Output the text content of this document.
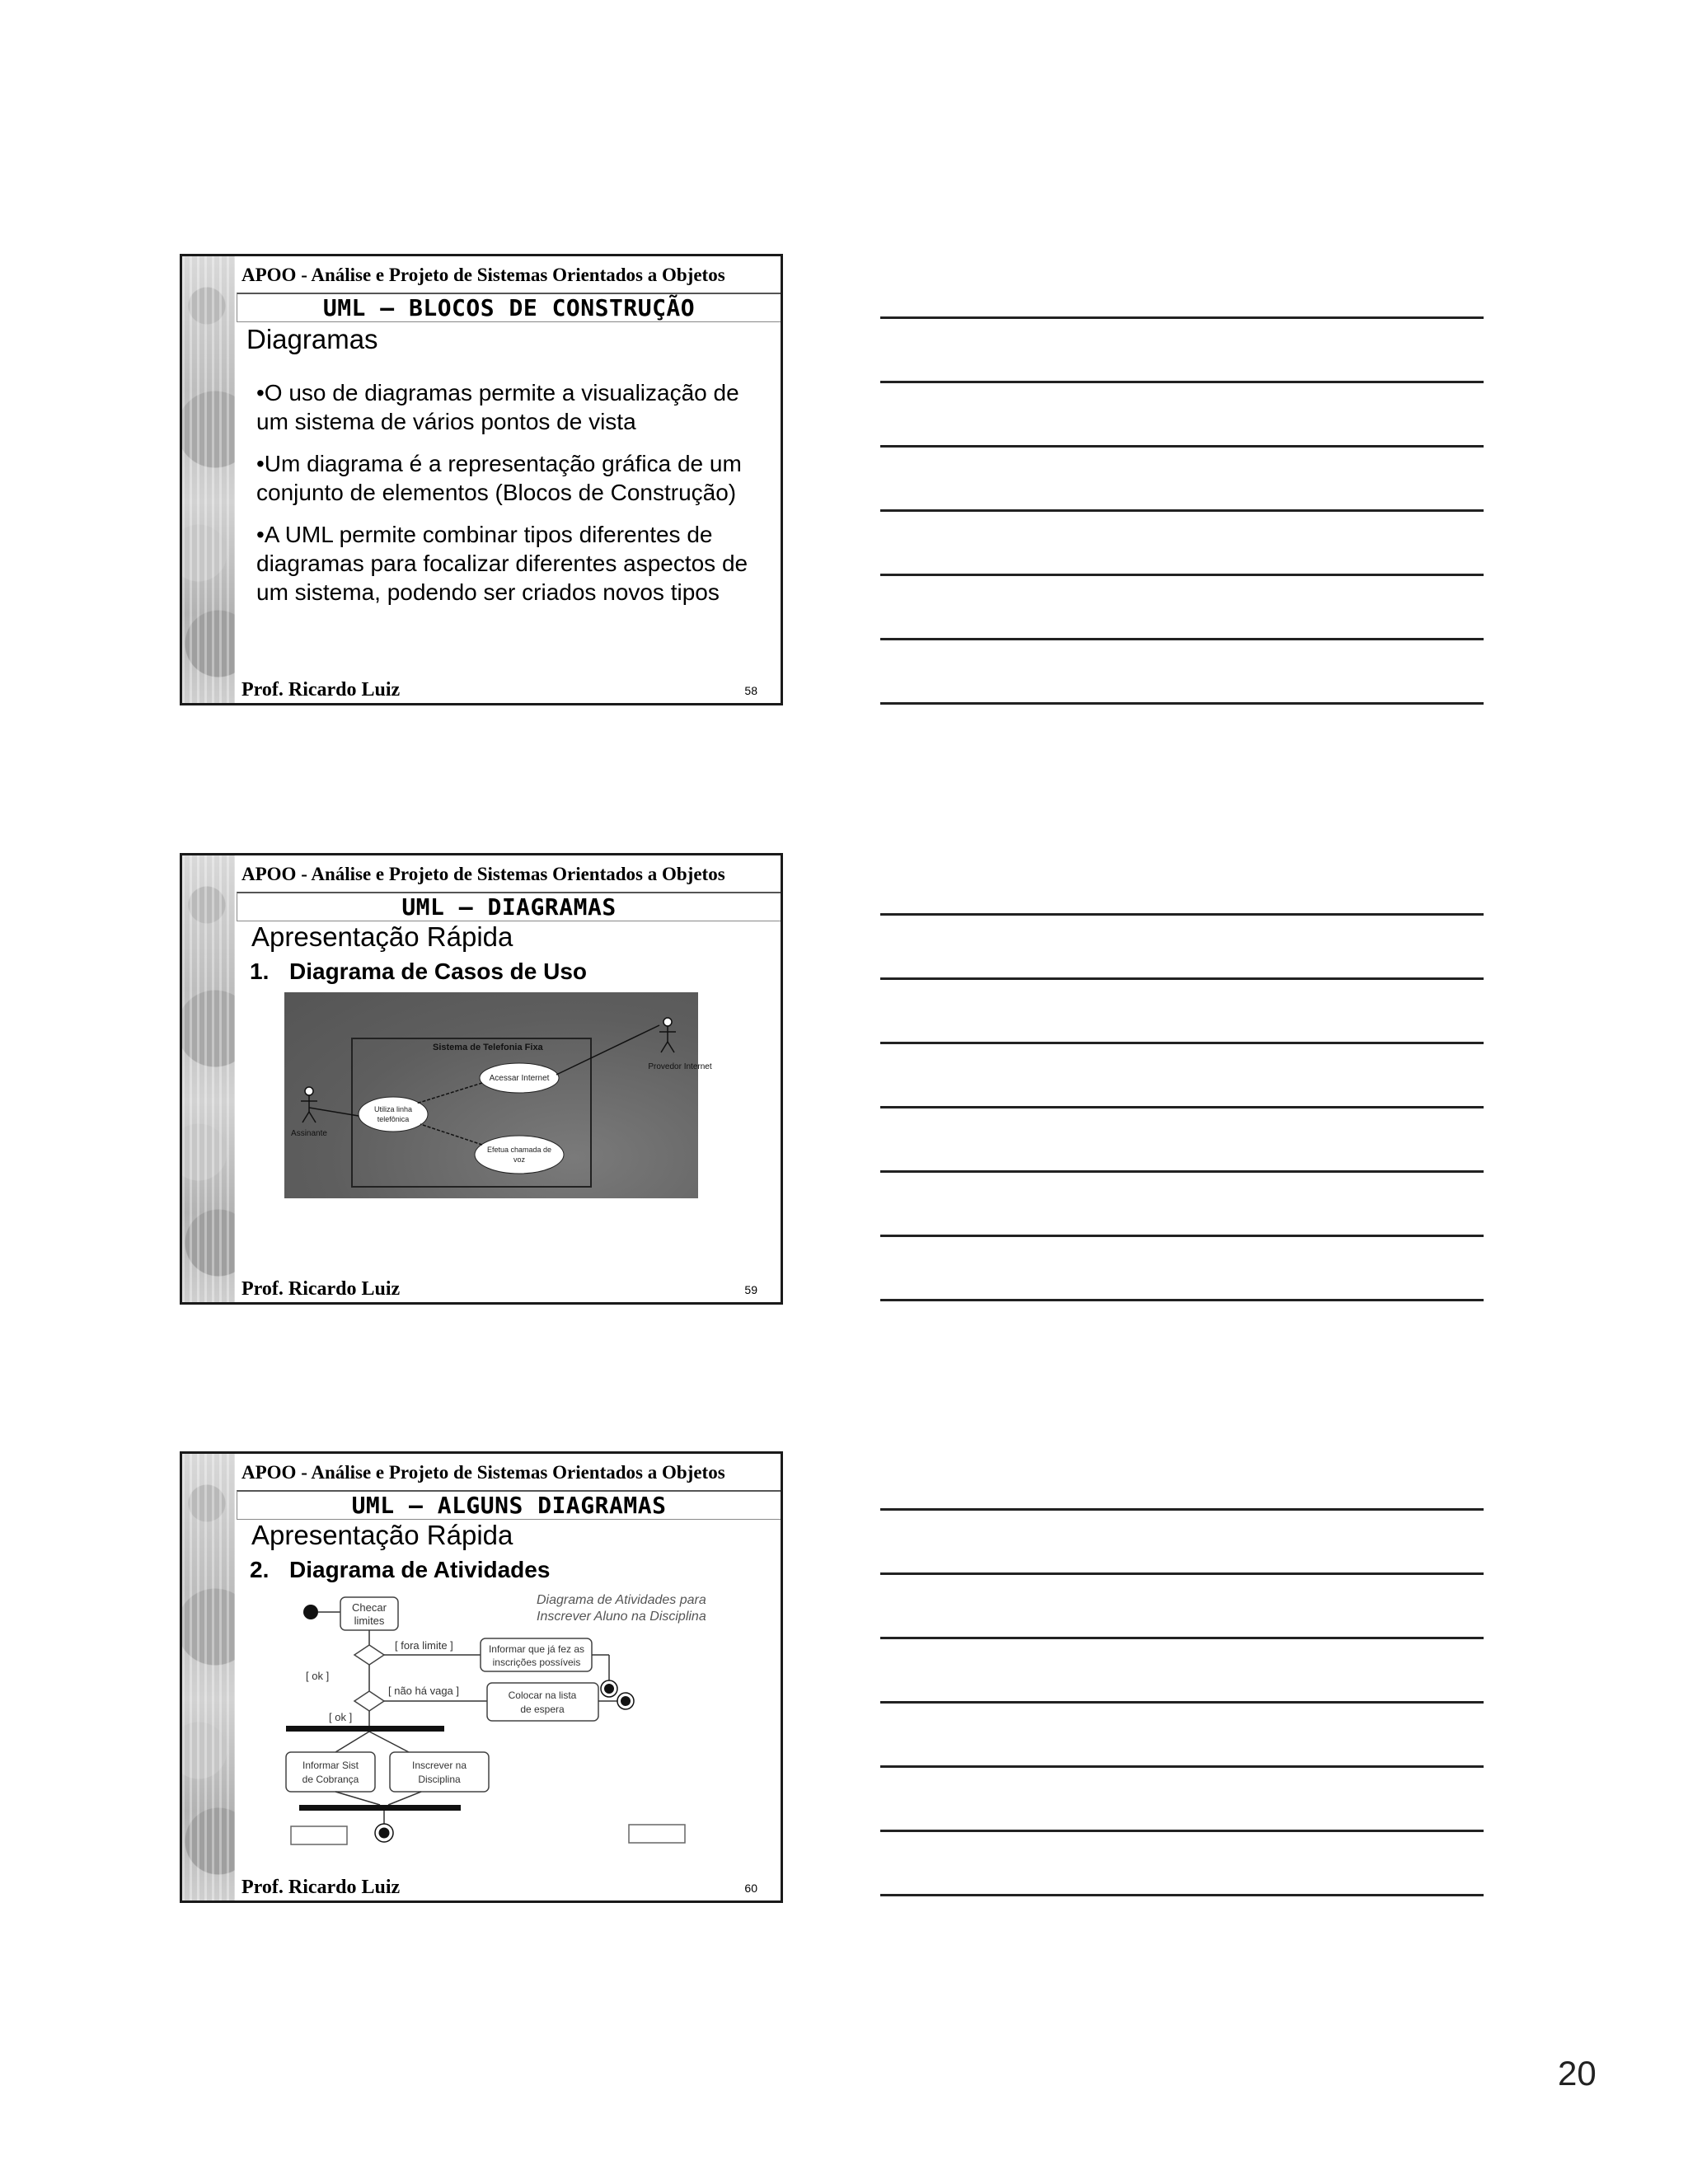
APOO - Análise e Projeto de Sistemas Orientados a Objetos
UML – BLOCOS DE CONSTRUÇÃO
Diagramas

•O uso de diagramas permite a visualização de um sistema de vários pontos de vista

•Um diagrama é a representação gráfica de um conjunto de elementos (Blocos de Construção)

•A UML permite combinar tipos diferentes de diagramas para focalizar diferentes aspectos de um sistema, podendo ser criados novos tipos

Prof. Ricardo Luiz	58
APOO - Análise e Projeto de Sistemas Orientados a Objetos
UML – DIAGRAMAS
Apresentação Rápida
1. Diagrama de Casos de Uso
Sistema de Telefonia Fixa
Acessar Internet
Utiliza linha
telefônica
Efetua chamada de
voz
Assinante
Provedor Internet
Prof. Ricardo Luiz	59
APOO - Análise e Projeto de Sistemas Orientados a Objetos
UML – ALGUNS DIAGRAMAS
Apresentação Rápida
2. Diagrama de Atividades
Diagrama de Atividades para
Inscrever Aluno na Disciplina
Checar
limites
[ fora limite ]	Informar que já fez as
inscrições possíveis
[ ok ]
[ não há vaga ]	Colocar na lista
de espera
[ ok ]
Informar Sist
de Cobrança
Inscrever na
Disciplina
Prof. Ricardo Luiz	60
20
